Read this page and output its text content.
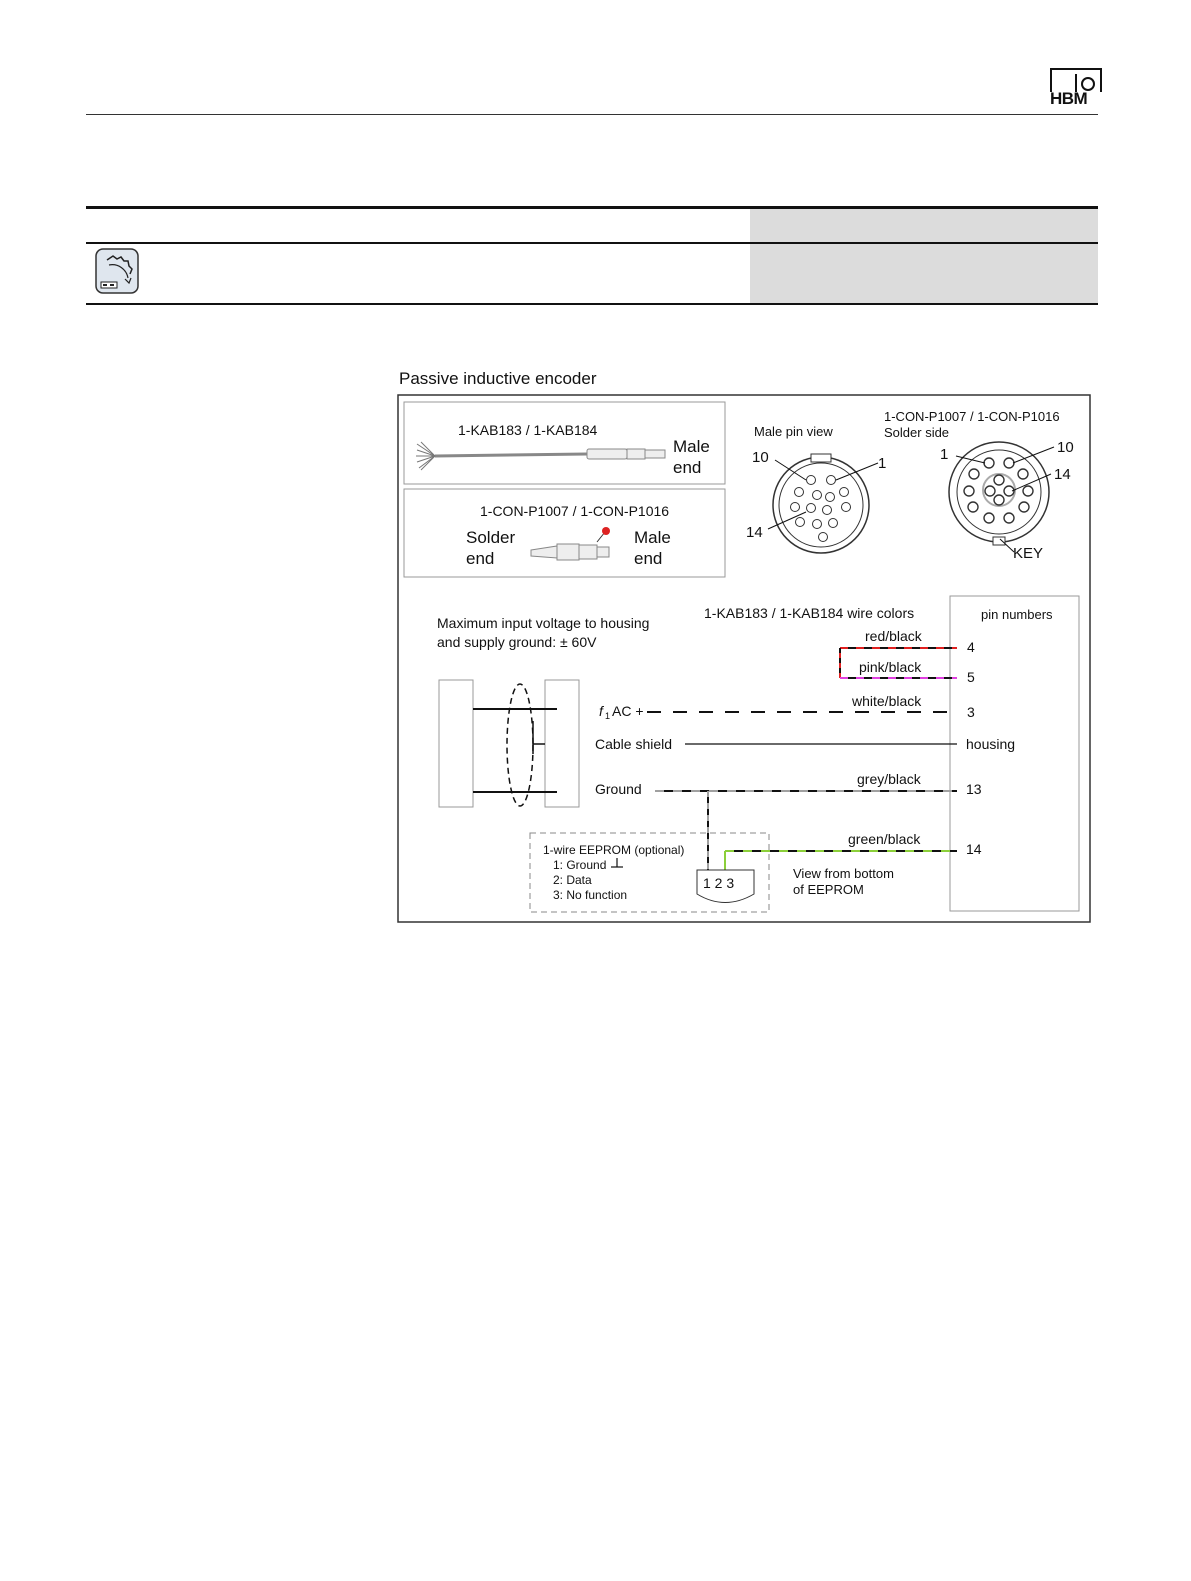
HBM
Passive inductive encoder
1-KAB183 / 1-KAB184
Male
end
1-CON-P1007 / 1-CON-P1016
Solder
end
Male
end
Male pin view
10	1
14
1-CON-P1007 / 1-CON-P1016
Solder side
1	10
14
KEY
pin numbers
Maximum input voltage to housing
and supply ground: ± 60V
1-KAB183 / 1-KAB184 wire colors
red/black
4
pink/black
5
f 1 AC +
white/black
3
Cable shield	housing
Ground
grey/black
13
green/black
14
1-wire EEPROM (optional)
1: Ground
2: Data
3: No function
1 2 3
View from bottom
of EEPROM
